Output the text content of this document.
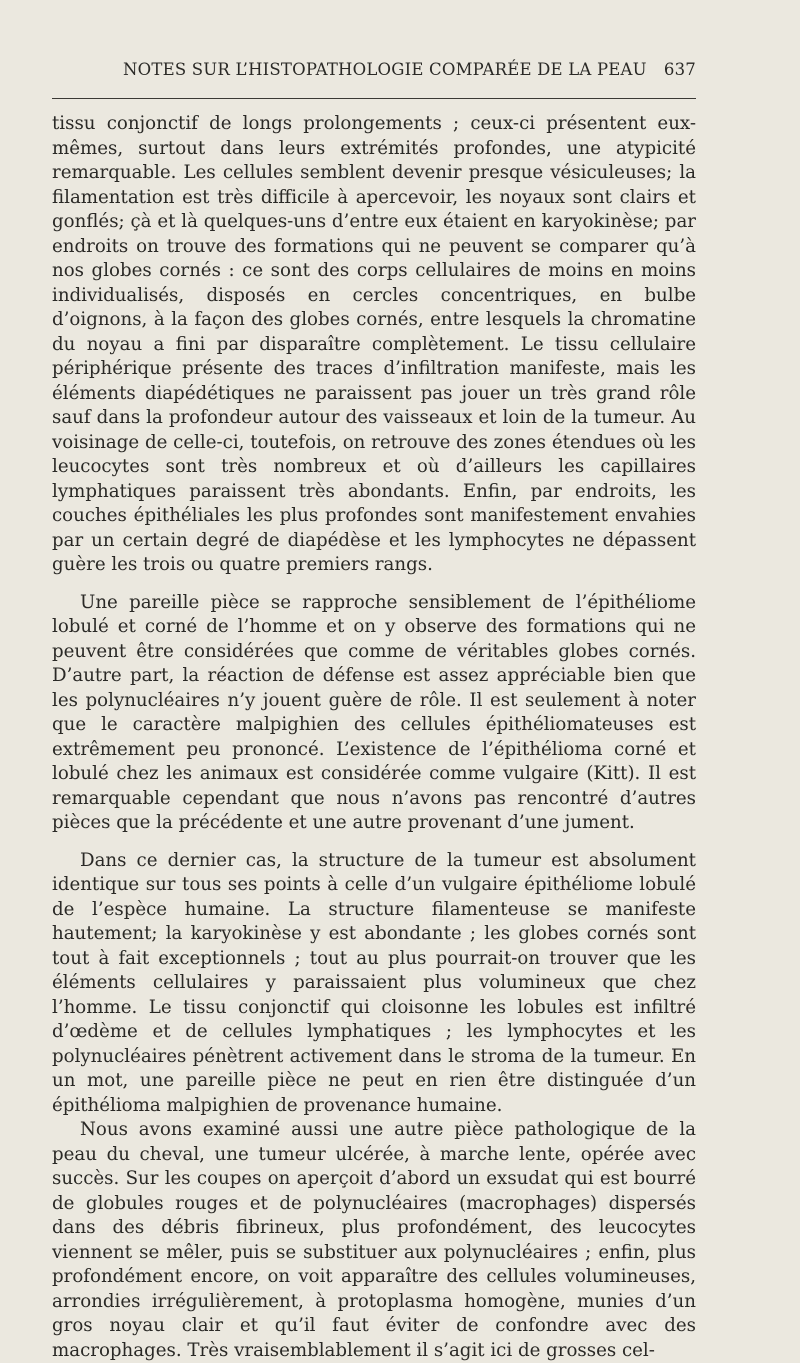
NOTES SUR L’HISTOPATHOLOGIE COMPARÉE DE LA PEAU 637

tissu conjonctif de longs prolongements ; ceux-ci présentent eux-mêmes, surtout dans leurs extrémités profondes, une atypicité remarquable. Les cellules semblent devenir presque vésiculeuses; la filamentation est très difficile à apercevoir, les noyaux sont clairs et gonflés; çà et là quelques-uns d’entre eux étaient en karyokinèse; par endroits on trouve des formations qui ne peuvent se comparer qu’à nos globes cornés : ce sont des corps cellulaires de moins en moins individualisés, disposés en cercles concentriques, en bulbe d’oignons, à la façon des globes cornés, entre lesquels la chromatine du noyau a fini par disparaître complètement. Le tissu cellulaire périphérique présente des traces d’infiltration manifeste, mais les éléments diapédétiques ne paraissent pas jouer un très grand rôle sauf dans la profondeur autour des vaisseaux et loin de la tumeur. Au voisinage de celle-ci, toutefois, on retrouve des zones étendues où les leucocytes sont très nombreux et où d’ailleurs les capillaires lymphatiques paraissent très abondants. Enfin, par endroits, les couches épithéliales les plus profondes sont manifestement envahies par un certain degré de diapédèse et les lymphocytes ne dépassent guère les trois ou quatre premiers rangs.

Une pareille pièce se rapproche sensiblement de l’épithéliome lobulé et corné de l’homme et on y observe des formations qui ne peuvent être considérées que comme de véritables globes cornés. D’autre part, la réaction de défense est assez appréciable bien que les polynucléaires n’y jouent guère de rôle. Il est seulement à noter que le caractère malpighien des cellules épithéliomateuses est extrêmement peu prononcé. L’existence de l’épithélioma corné et lobulé chez les animaux est considérée comme vulgaire (Kitt). Il est remarquable cependant que nous n’avons pas rencontré d’autres pièces que la précédente et une autre provenant d’une jument.

Dans ce dernier cas, la structure de la tumeur est absolument identique sur tous ses points à celle d’un vulgaire épithéliome lobulé de l’espèce humaine. La structure filamenteuse se manifeste hautement; la karyokinèse y est abondante ; les globes cornés sont tout à fait exceptionnels ; tout au plus pourrait-on trouver que les éléments cellulaires y paraissaient plus volumineux que chez l’homme. Le tissu conjonctif qui cloisonne les lobules est infiltré d’œdème et de cellules lymphatiques ; les lymphocytes et les polynucléaires pénètrent activement dans le stroma de la tumeur. En un mot, une pareille pièce ne peut en rien être distinguée d’un épithélioma malpighien de provenance humaine.

Nous avons examiné aussi une autre pièce pathologique de la peau du cheval, une tumeur ulcérée, à marche lente, opérée avec succès. Sur les coupes on aperçoit d’abord un exsudat qui est bourré de globules rouges et de polynucléaires (macrophages) dispersés dans des débris fibrineux, plus profondément, des leucocytes viennent se mêler, puis se substituer aux polynucléaires ; enfin, plus profondément encore, on voit apparaître des cellules volumineuses, arrondies irrégulièrement, à protoplasma homogène, munies d’un gros noyau clair et qu’il faut éviter de confondre avec des macrophages. Très vraisemblablement il s’agit ici de grosses cel-
